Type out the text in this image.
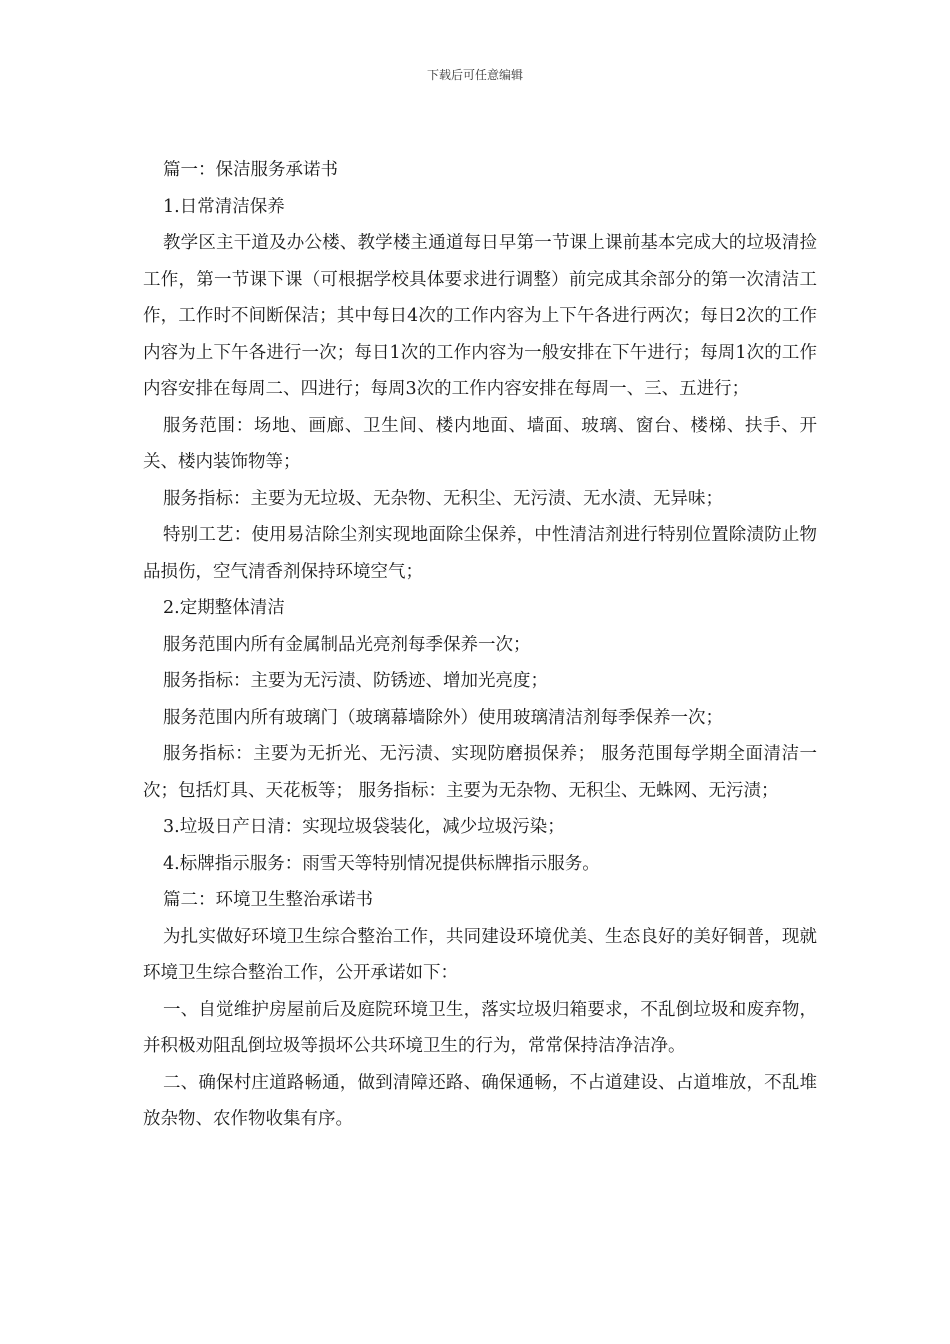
下载后可任意编辑

篇一：保洁服务承诺书

1.日常清洁保养

教学区主干道及办公楼、教学楼主通道每日早第一节课上课前基本完成大的垃圾清捡工作，第一节课下课（可根据学校具体要求进行调整）前完成其余部分的第一次清洁工作，工作时不间断保洁；其中每日4次的工作内容为上下午各进行两次；每日2次的工作内容为上下午各进行一次；每日1次的工作内容为一般安排在下午进行；每周1次的工作内容安排在每周二、四进行；每周3次的工作内容安排在每周一、三、五进行；

服务范围：场地、画廊、卫生间、楼内地面、墙面、玻璃、窗台、楼梯、扶手、开关、楼内装饰物等；

服务指标：主要为无垃圾、无杂物、无积尘、无污渍、无水渍、无异味；

特别工艺：使用易洁除尘剂实现地面除尘保养，中性清洁剂进行特别位置除渍防止物品损伤，空气清香剂保持环境空气；

2.定期整体清洁

服务范围内所有金属制品光亮剂每季保养一次；

服务指标：主要为无污渍、防锈迹、增加光亮度；

服务范围内所有玻璃门（玻璃幕墙除外）使用玻璃清洁剂每季保养一次；

服务指标：主要为无折光、无污渍、实现防磨损保养； 服务范围每学期全面清洁一次；包括灯具、天花板等； 服务指标：主要为无杂物、无积尘、无蛛网、无污渍；

3.垃圾日产日清：实现垃圾袋装化，减少垃圾污染；

4.标牌指示服务：雨雪天等特别情况提供标牌指示服务。

篇二：环境卫生整治承诺书

为扎实做好环境卫生综合整治工作，共同建设环境优美、生态良好的美好铜普，现就环境卫生综合整治工作，公开承诺如下：

一、自觉维护房屋前后及庭院环境卫生，落实垃圾归箱要求，不乱倒垃圾和废弃物，并积极劝阻乱倒垃圾等损坏公共环境卫生的行为，常常保持洁净洁净。

二、确保村庄道路畅通，做到清障还路、确保通畅，不占道建设、占道堆放，不乱堆放杂物、农作物收集有序。
